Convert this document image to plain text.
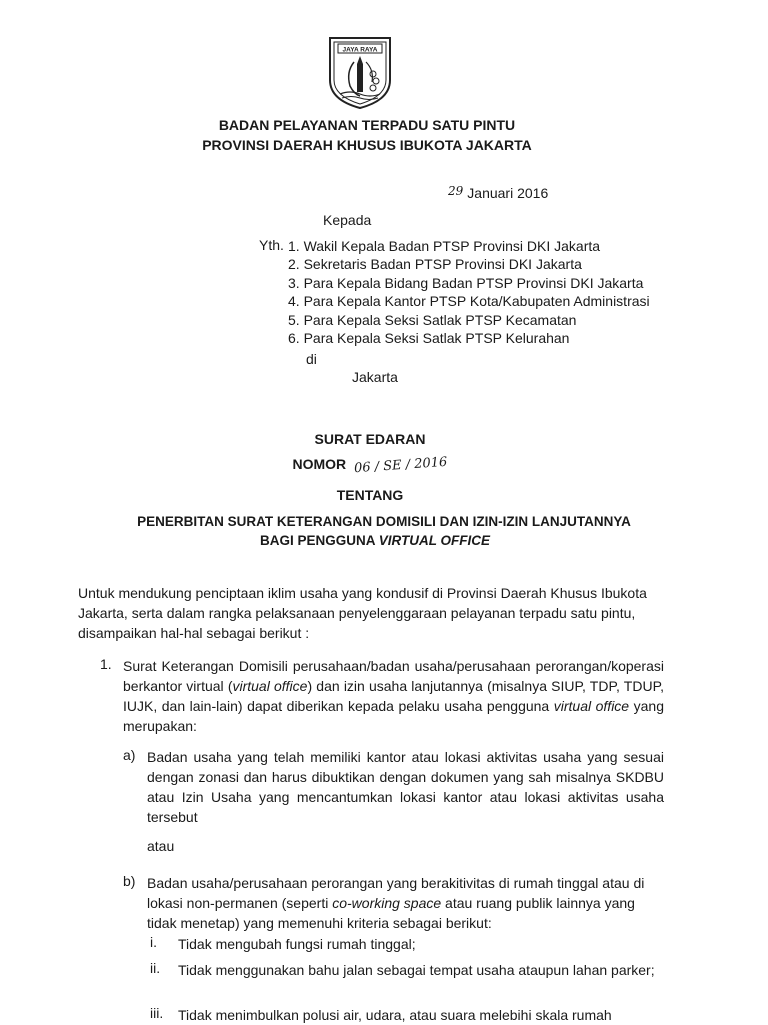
JAYA RAYA
BADAN PELAYANAN TERPADU SATU PINTU
PROVINSI DAERAH KHUSUS IBUKOTA JAKARTA
29 Januari 2016
Kepada
Yth. 1. Wakil Kepala Badan PTSP Provinsi DKI Jakarta
2. Sekretaris Badan PTSP Provinsi DKI Jakarta
3. Para Kepala Bidang Badan PTSP Provinsi DKI Jakarta
4. Para Kepala Kantor PTSP Kota/Kabupaten Administrasi
5. Para Kepala Seksi Satlak PTSP Kecamatan
6. Para Kepala Seksi Satlak PTSP Kelurahan
di
Jakarta
SURAT EDARAN
NOMOR 06 / SE / 2016
TENTANG
PENERBITAN SURAT KETERANGAN DOMISILI DAN IZIN-IZIN LANJUTANNYA
BAGI PENGGUNA VIRTUAL OFFICE
Untuk mendukung penciptaan iklim usaha yang kondusif di Provinsi Daerah Khusus Ibukota Jakarta, serta dalam rangka pelaksanaan penyelenggaraan pelayanan terpadu satu pintu, disampaikan hal-hal sebagai berikut :
1. Surat Keterangan Domisili perusahaan/badan usaha/perusahaan perorangan/koperasi berkantor virtual (virtual office) dan izin usaha lanjutannya (misalnya SIUP, TDP, TDUP, IUJK, dan lain-lain) dapat diberikan kepada pelaku usaha pengguna virtual office yang merupakan:
a) Badan usaha yang telah memiliki kantor atau lokasi aktivitas usaha yang sesuai dengan zonasi dan harus dibuktikan dengan dokumen yang sah misalnya SKDBU atau Izin Usaha yang mencantumkan lokasi kantor atau lokasi aktivitas usaha tersebut
atau
b) Badan usaha/perusahaan perorangan yang berakitivitas di rumah tinggal atau di lokasi non-permanen (seperti co-working space atau ruang publik lainnya yang tidak menetap) yang memenuhi kriteria sebagai berikut:
i. Tidak mengubah fungsi rumah tinggal;
ii. Tidak menggunakan bahu jalan sebagai tempat usaha ataupun lahan parker;
iii. Tidak menimbulkan polusi air, udara, atau suara melebihi skala rumah
